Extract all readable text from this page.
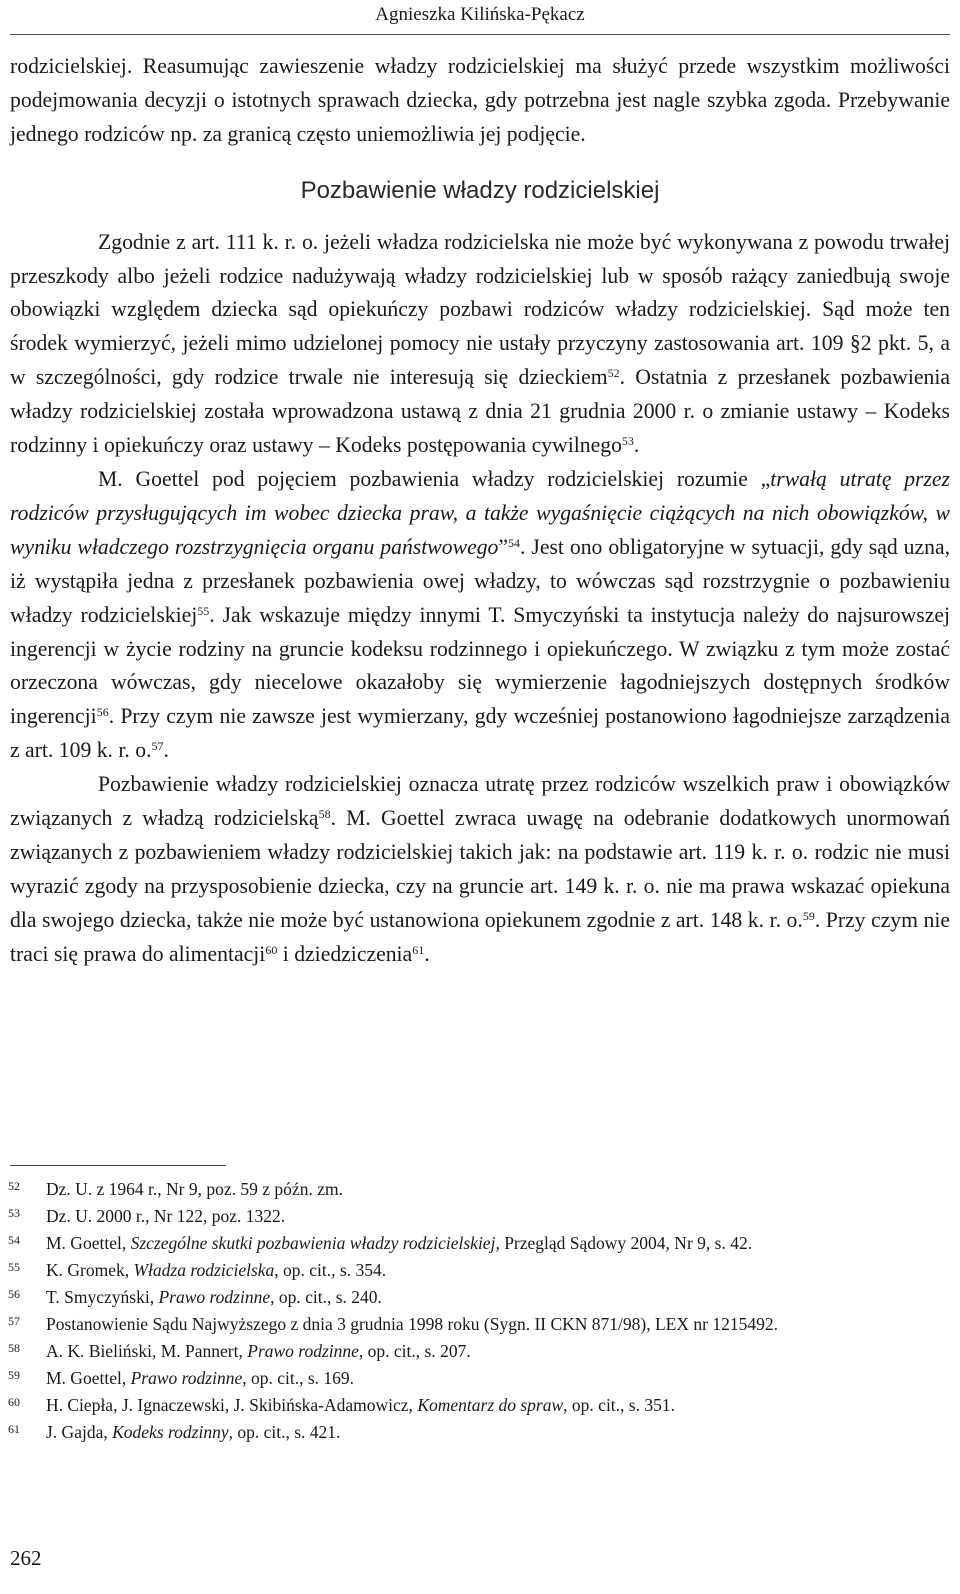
Agnieszka Kilińska-Pękacz

rodzicielskiej. Reasumując zawieszenie władzy rodzicielskiej ma służyć przede wszystkim możliwości podejmowania decyzji o istotnych sprawach dziecka, gdy potrzebna jest nagle szybka zgoda. Przebywanie jednego rodziców np. za granicą często uniemożliwia jej podjęcie.

Pozbawienie władzy rodzicielskiej

Zgodnie z art. 111 k. r. o. jeżeli władza rodzicielska nie może być wykonywana z powodu trwałej przeszkody albo jeżeli rodzice nadużywają władzy rodzicielskiej lub w sposób rażący zaniedbują swoje obowiązki względem dziecka sąd opiekuńczy pozbawi rodziców władzy rodzicielskiej. Sąd może ten środek wymierzyć, jeżeli mimo udzielonej pomocy nie ustały przyczyny zastosowania art. 109 §2 pkt. 5, a w szczególności, gdy rodzice trwale nie interesują się dzieckiem$^{52}$. Ostatnia z przesłanek pozbawienia władzy rodzicielskiej została wprowadzona ustawą z dnia 21 grudnia 2000 r. o zmianie ustawy – Kodeks rodzinny i opiekuńczy oraz ustawy – Kodeks postępowania cywilnego$^{53}$.

M. Goettel pod pojęciem pozbawienia władzy rodzicielskiej rozumie „trwałą utratę przez rodziców przysługujących im wobec dziecka praw, a także wygaśnięcie ciążących na nich obowiązków, w wyniku władczego rozstrzygnięcia organu państwowego”$^{54}$. Jest ono obligatoryjne w sytuacji, gdy sąd uzna, iż wystąpiła jedna z przesłanek pozbawienia owej władzy, to wówczas sąd rozstrzygnie o pozbawieniu władzy rodzicielskiej$^{55}$. Jak wskazuje między innymi T. Smyczyński ta instytucja należy do najsurowszej ingerencji w życie rodziny na gruncie kodeksu rodzinnego i opiekuńczego. W związku z tym może zostać orzeczona wówczas, gdy niecelowe okazałoby się wymierzenie łagodniejszych dostępnych środków ingerencji$^{56}$. Przy czym nie zawsze jest wymierzany, gdy wcześniej postanowiono łagodniejsze zarządzenia z art. 109 k. r. o.$^{57}$.

Pozbawienie władzy rodzicielskiej oznacza utratę przez rodziców wszelkich praw i obowiązków związanych z władzą rodzicielską$^{58}$. M. Goettel zwraca uwagę na odebranie dodatkowych unormowań związanych z pozbawieniem władzy rodzicielskiej takich jak: na podstawie art. 119 k. r. o. rodzic nie musi wyrazić zgody na przysposobienie dziecka, czy na gruncie art. 149 k. r. o. nie ma prawa wskazać opiekuna dla swojego dziecka, także nie może być ustanowiona opiekunem zgodnie z art. 148 k. r. o.$^{59}$. Przy czym nie traci się prawa do alimentacji$^{60}$ i dziedziczenia$^{61}$.

52 Dz. U. z 1964 r., Nr 9, poz. 59 z późn. zm.
53 Dz. U. 2000 r., Nr 122, poz. 1322.
54 M. Goettel, Szczególne skutki pozbawienia władzy rodzicielskiej, Przegląd Sądowy 2004, Nr 9, s. 42.
55 K. Gromek, Władza rodzicielska, op. cit., s. 354.
56 T. Smyczyński, Prawo rodzinne, op. cit., s. 240.
57 Postanowienie Sądu Najwyższego z dnia 3 grudnia 1998 roku (Sygn. II CKN 871/98), LEX nr 1215492.
58 A. K. Bieliński, M. Pannert, Prawo rodzinne, op. cit., s. 207.
59 M. Goettel, Prawo rodzinne, op. cit., s. 169.
60 H. Ciepła, J. Ignaczewski, J. Skibińska-Adamowicz, Komentarz do spraw, op. cit., s. 351.
61 J. Gajda, Kodeks rodzinny, op. cit., s. 421.
262
